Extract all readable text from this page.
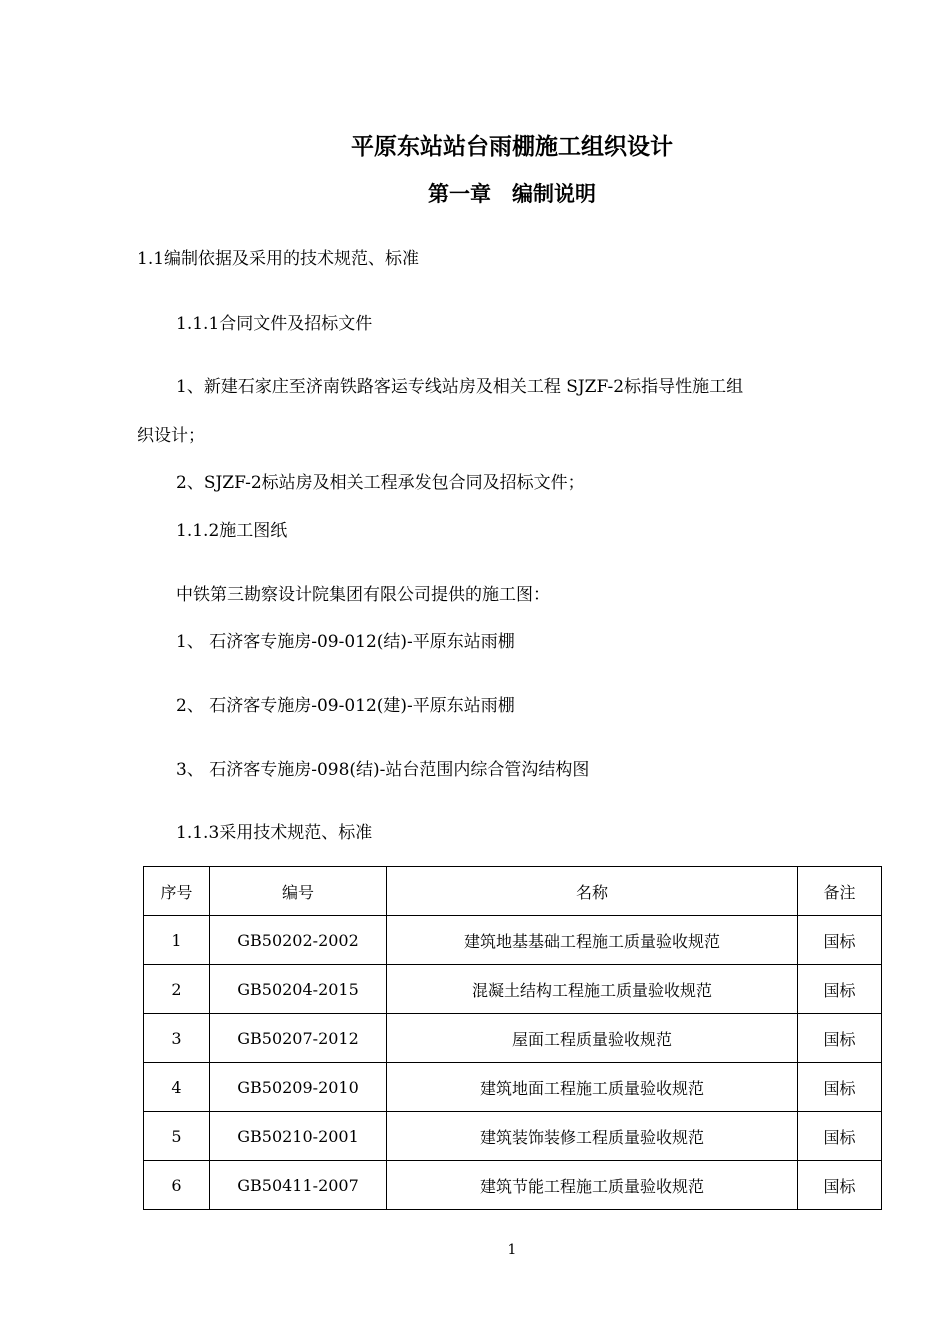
平原东站站台雨棚施工组织设计
第一章　编制说明
1.1编制依据及采用的技术规范、标准
1.1.1合同文件及招标文件
1、新建石家庄至济南铁路客运专线站房及相关工程 SJZF-2标指导性施工组
织设计；
2、SJZF-2标站房及相关工程承发包合同及招标文件；
1.1.2施工图纸
中铁第三勘察设计院集团有限公司提供的施工图：
1、 石济客专施房-09-012(结)-平原东站雨棚
2、 石济客专施房-09-012(建)-平原东站雨棚
3、 石济客专施房-098(结)-站台范围内综合管沟结构图
1.1.3采用技术规范、标准
序号	编号	名称	备注
1	GB50202-2002	建筑地基基础工程施工质量验收规范	国标
2	GB50204-2015	混凝土结构工程施工质量验收规范	国标
3	GB50207-2012	屋面工程质量验收规范	国标
4	GB50209-2010	建筑地面工程施工质量验收规范	国标
5	GB50210-2001	建筑装饰装修工程质量验收规范	国标
6	GB50411-2007	建筑节能工程施工质量验收规范	国标
1
